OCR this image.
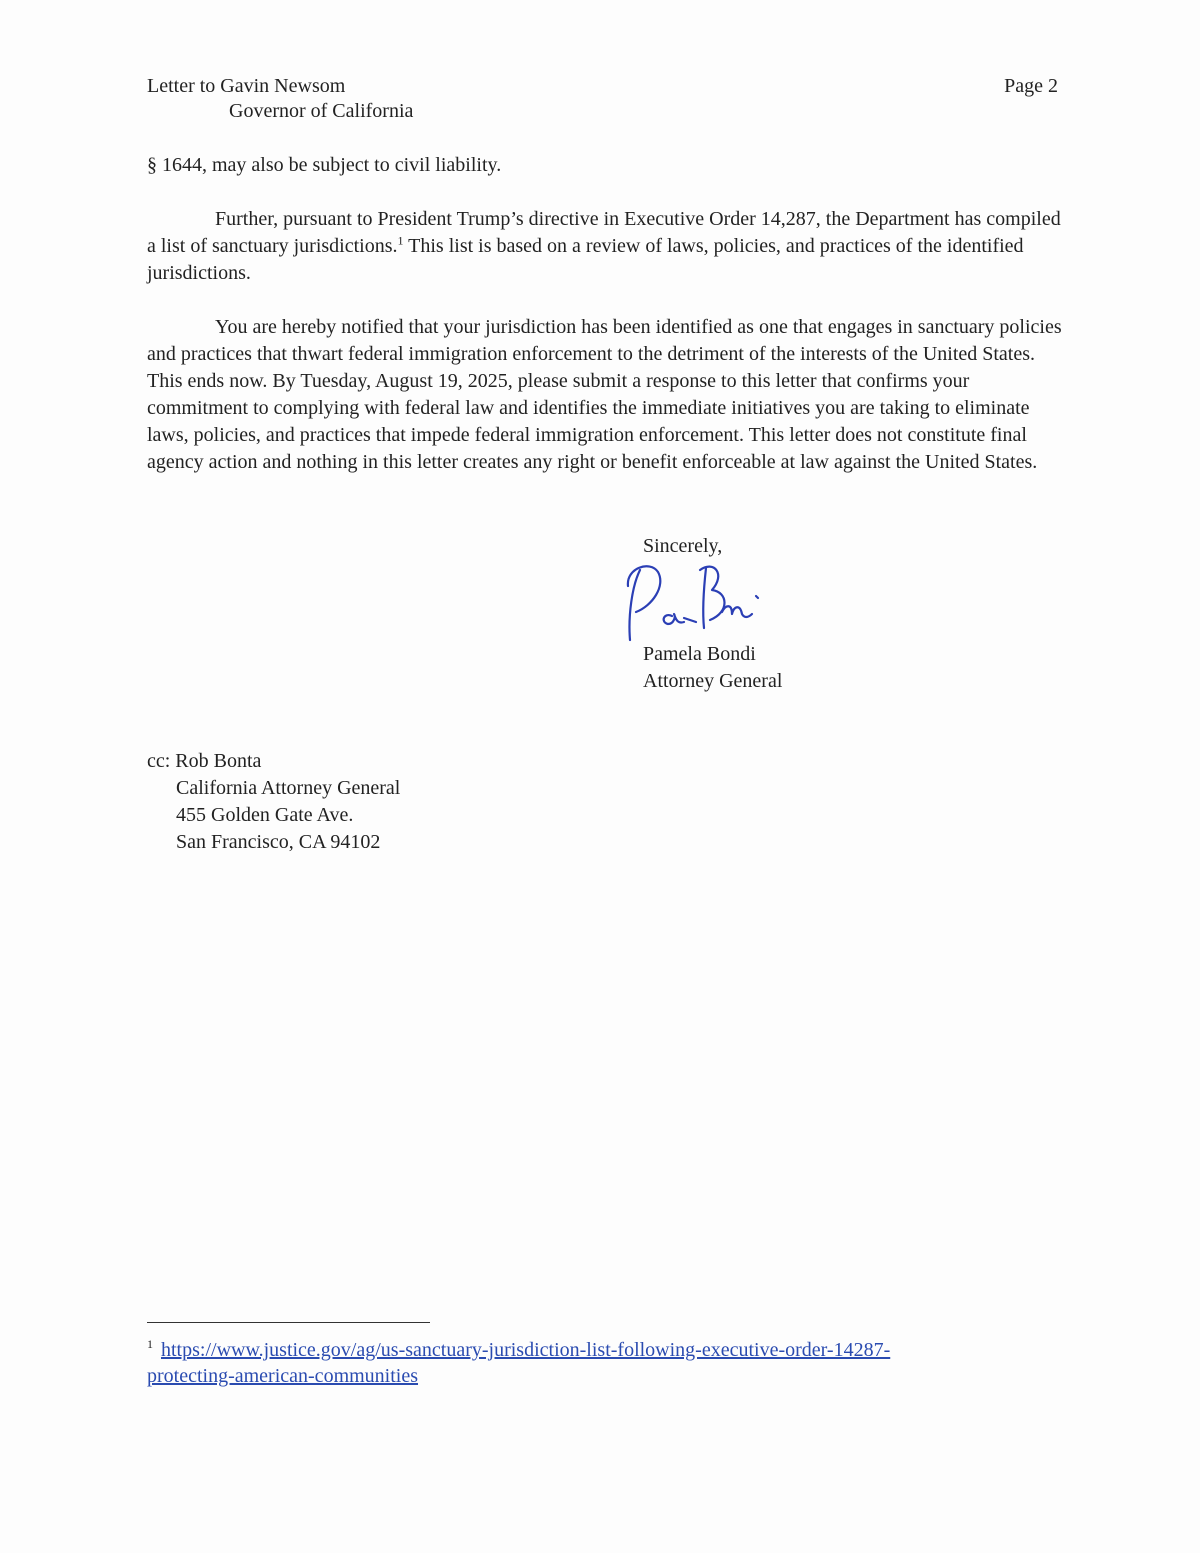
Letter to Gavin Newsom
Governor of California
Page 2
§ 1644, may also be subject to civil liability.
Further, pursuant to President Trump’s directive in Executive Order 14,287, the Department has compiled a list of sanctuary jurisdictions.$^1$ This list is based on a review of laws, policies, and practices of the identified jurisdictions.
You are hereby notified that your jurisdiction has been identified as one that engages in sanctuary policies and practices that thwart federal immigration enforcement to the detriment of the interests of the United States. This ends now. By Tuesday, August 19, 2025, please submit a response to this letter that confirms your commitment to complying with federal law and identifies the immediate initiatives you are taking to eliminate laws, policies, and practices that impede federal immigration enforcement. This letter does not constitute final agency action and nothing in this letter creates any right or benefit enforceable at law against the United States.
Sincerely,
Pamela Bondi
Attorney General
cc: Rob Bonta
California Attorney General
455 Golden Gate Ave.
San Francisco, CA 94102
$^1$ https://www.justice.gov/ag/us-sanctuary-jurisdiction-list-following-executive-order-14287-
protecting-american-communities
